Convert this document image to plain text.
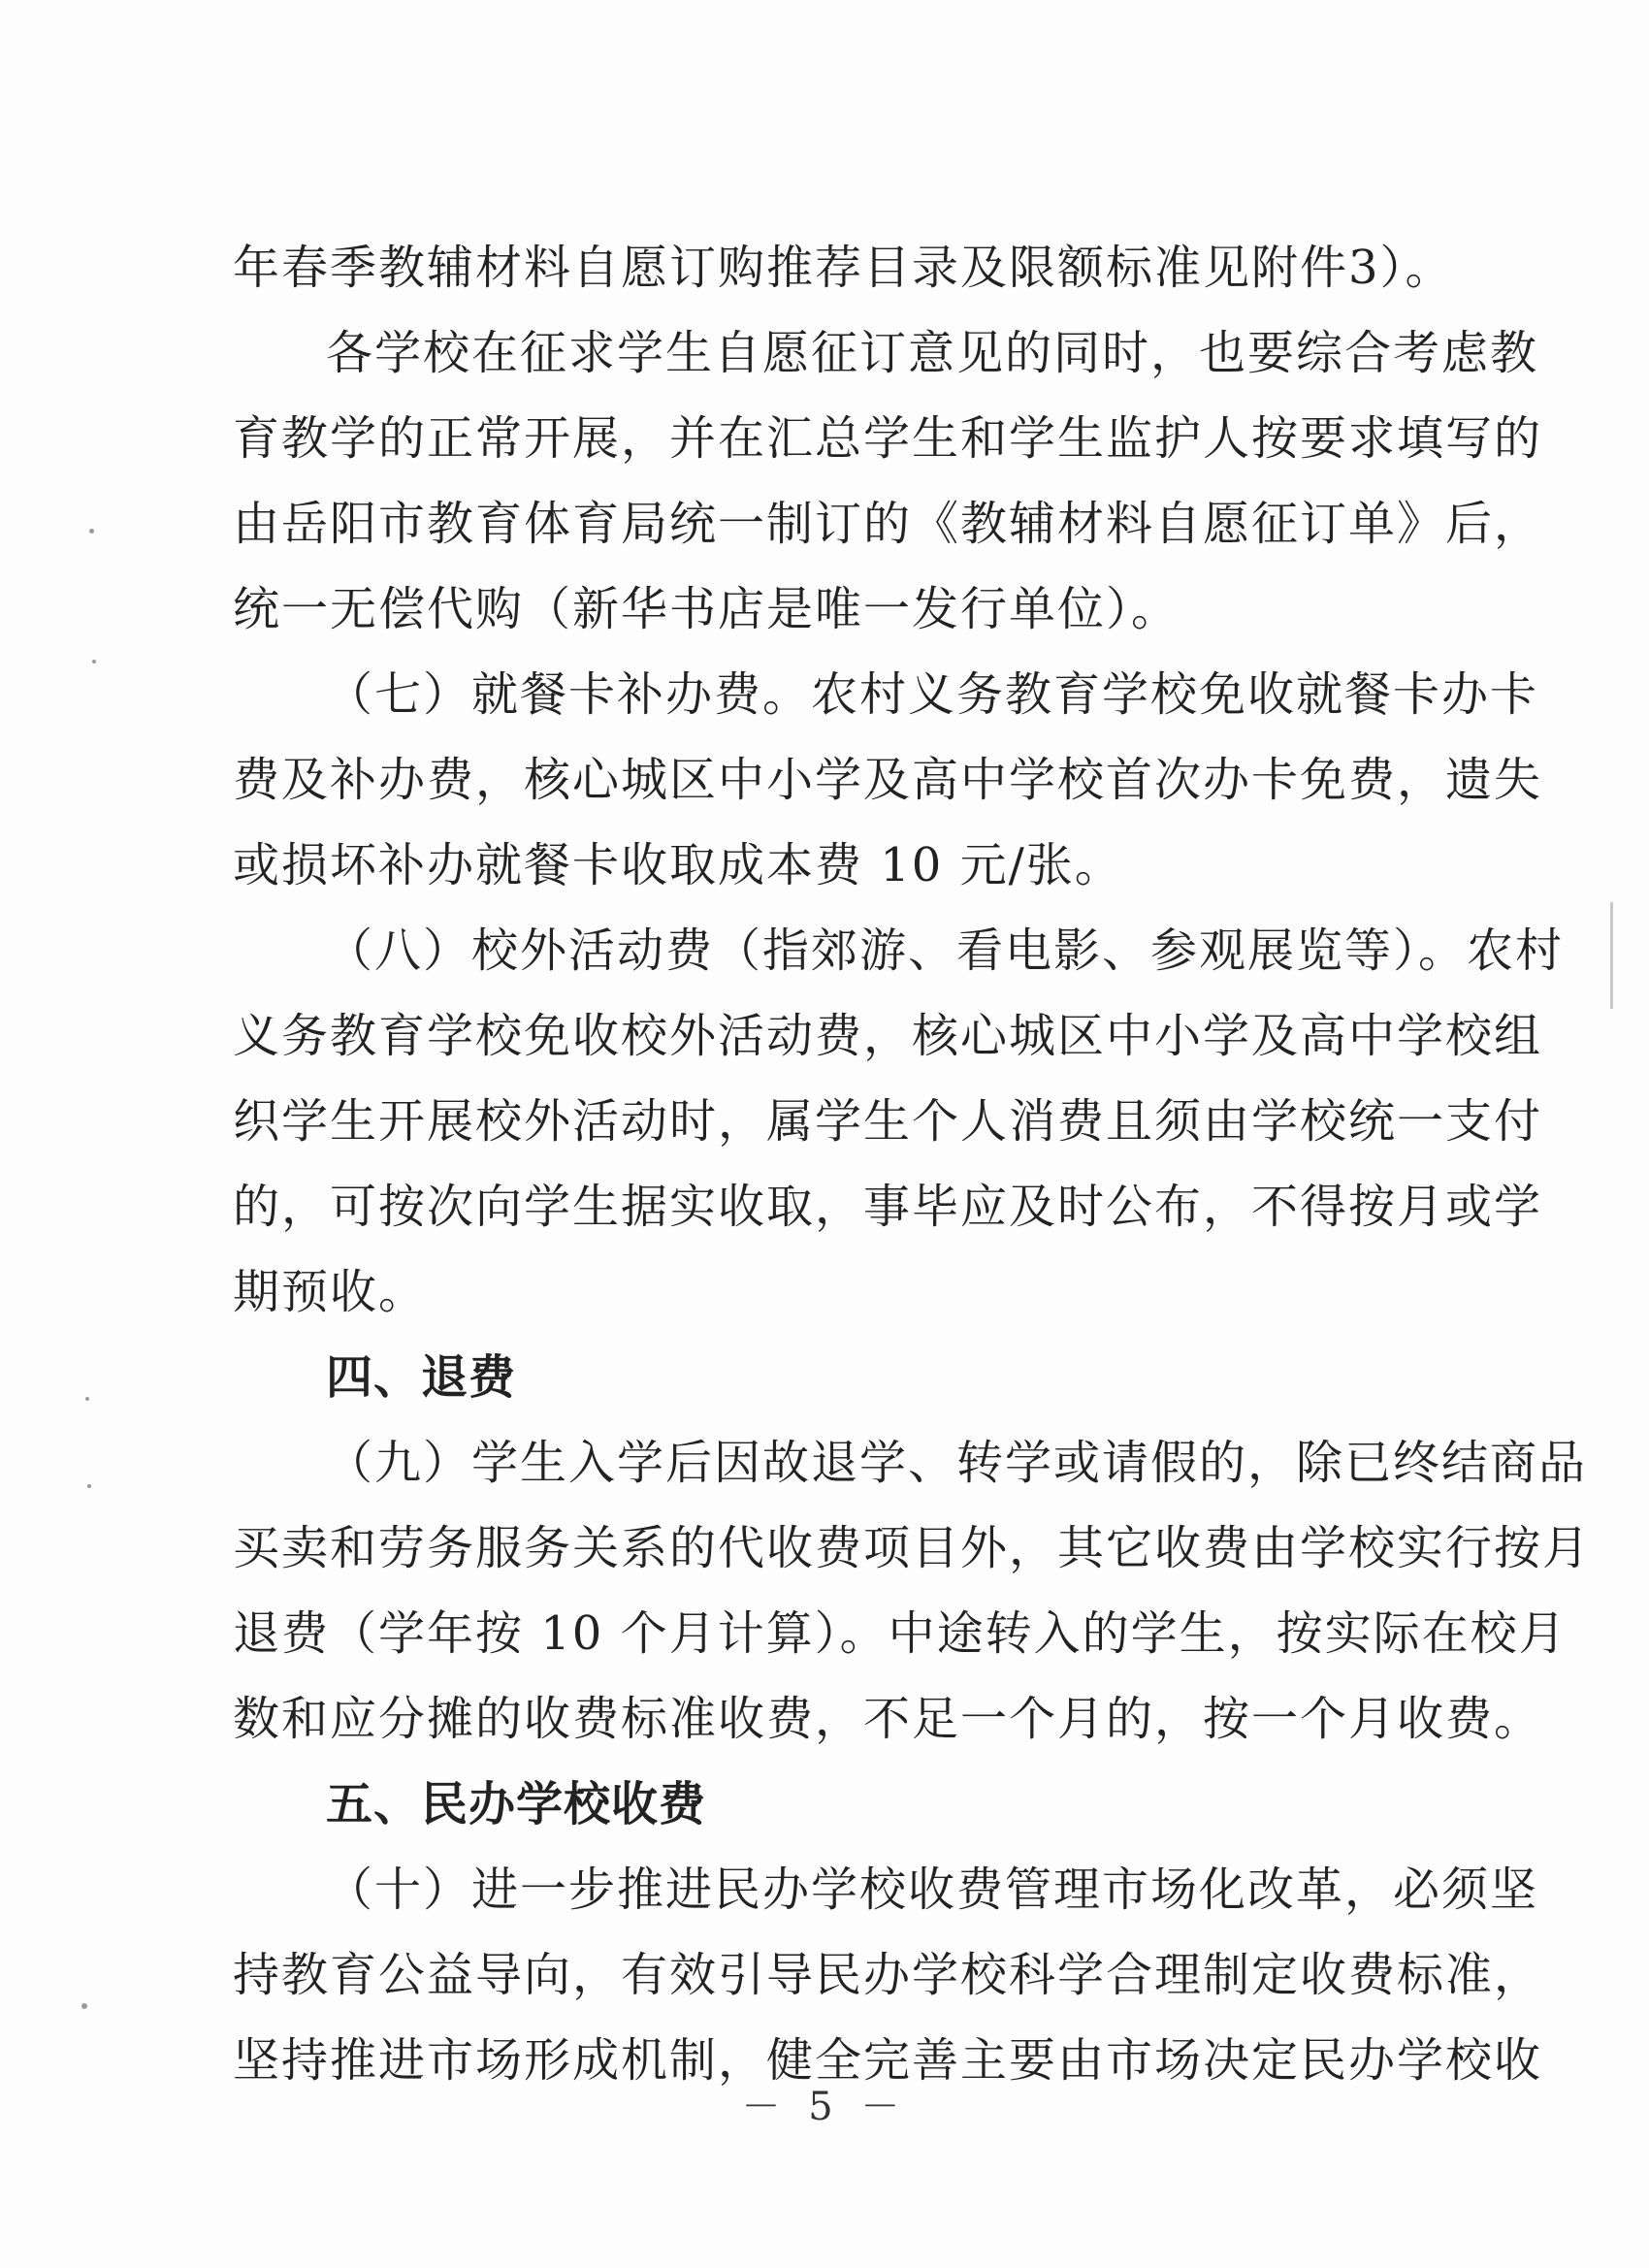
年春季教辅材料自愿订购推荐目录及限额标准见附件3）。
各学校在征求学生自愿征订意见的同时，也要综合考虑教
育教学的正常开展，并在汇总学生和学生监护人按要求填写的
由岳阳市教育体育局统一制订的《教辅材料自愿征订单》后，
统一无偿代购（新华书店是唯一发行单位）。
（七）就餐卡补办费。农村义务教育学校免收就餐卡办卡
费及补办费，核心城区中小学及高中学校首次办卡免费，遗失
或损坏补办就餐卡收取成本费 10 元/张。
（八）校外活动费（指郊游、看电影、参观展览等）。农村
义务教育学校免收校外活动费，核心城区中小学及高中学校组
织学生开展校外活动时，属学生个人消费且须由学校统一支付
的，可按次向学生据实收取，事毕应及时公布，不得按月或学
期预收。
四、退费
（九）学生入学后因故退学、转学或请假的，除已终结商品
买卖和劳务服务关系的代收费项目外，其它收费由学校实行按月
退费（学年按 10 个月计算）。中途转入的学生，按实际在校月
数和应分摊的收费标准收费，不足一个月的，按一个月收费。
五、民办学校收费
（十）进一步推进民办学校收费管理市场化改革，必须坚
持教育公益导向，有效引导民办学校科学合理制定收费标准，
坚持推进市场形成机制，健全完善主要由市场决定民办学校收
－ 5 －
